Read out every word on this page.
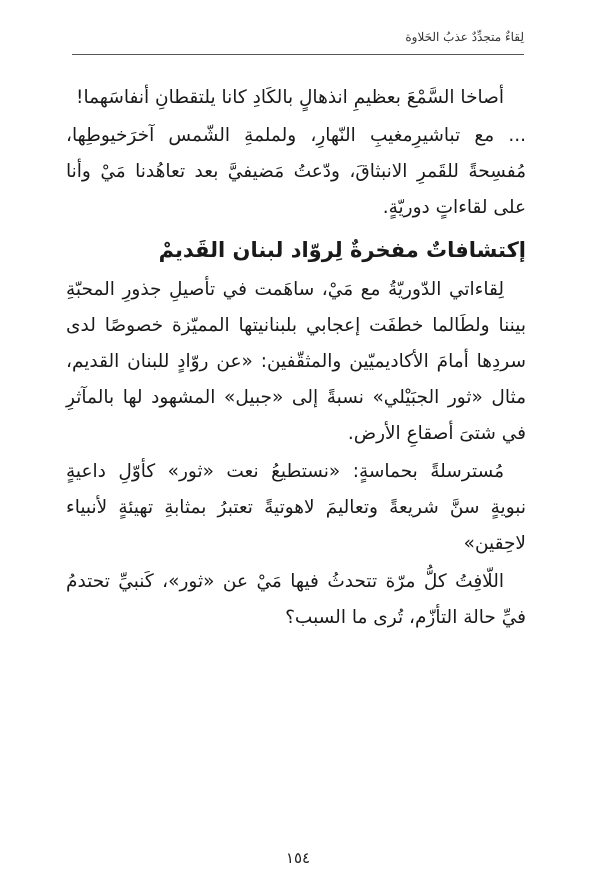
لِقاءٌ متجدِّدٌ عذبُ الحَلاوة

أصاخا السَّمْعَ بعظيمِ انذهالٍ بالكَادِ كانا يلتقطانِ أنفاسَهما!

... مع تباشيرِمغيبِ النّهارِ، ولملمةِ الشّمس آخرَخيوطِها، مُفسِحةً للقَمرِ الانبثاقَ، ودّعتُ مَضيفيَّ بعد تعاهُدنا مَيْ وأنا على لقاءاتٍ دوريّةٍ.

إكتشافاتٌ مفخرةٌ لِروّاد لبنان القَديمْ

لِقاءاتي الدّوريّةُ مع مَيْ، ساهَمت في تأصيلِ جذورِ المحبّةِ بيننا ولطَالما خطفَت إعجابي بلبنانيتها المميّزة خصوصًا لدى سردِها أمامَ الأكاديميّين والمثقّفين: «عن روّادٍ للبنان القديم، مثال «ثور الجبَيْلي» نسبةً إلى «جبيل» المشهود لها بالمآثرِ في شتىَ أصقاعِ الأرض.

مُسترسلةً بحماسةٍ: «نستطيعُ نعت «ثور» كأوّلِ داعيةٍ نبويةٍ سنَّ شريعةً وتعاليمَ لاهوتيةً تعتبرُ بمثابةِ تهيئةٍ لأنبياء لاحِقين»

اللّافِتُ كلُّ مرّة تتحدثُ فيها مَيْ عن «ثور»، كَنبيِّ تحتدمُ فيِّ حالة التأزّم، تُرى ما السبب؟

١٥٤
